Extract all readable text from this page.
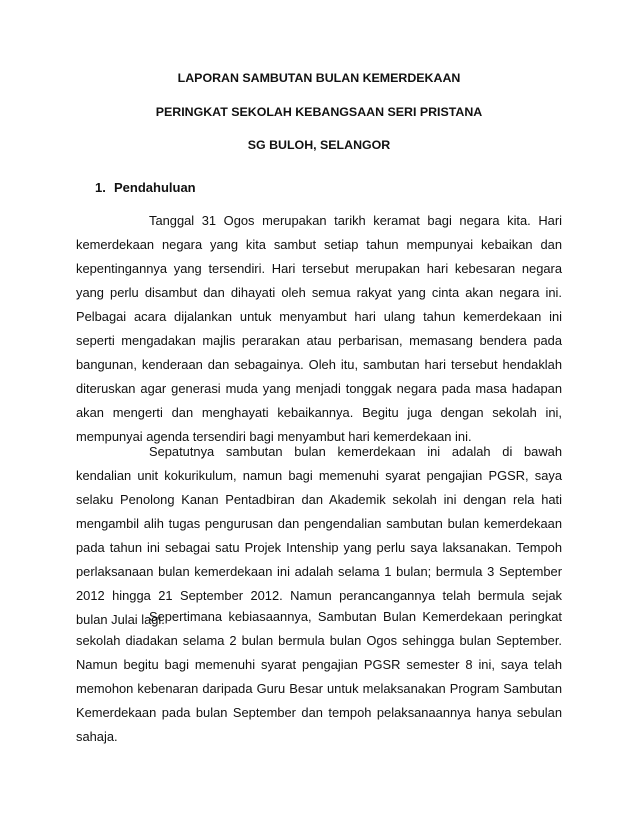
LAPORAN SAMBUTAN BULAN KEMERDEKAAN
PERINGKAT SEKOLAH KEBANGSAAN SERI PRISTANA
SG BULOH, SELANGOR
1. Pendahuluan

Tanggal 31 Ogos merupakan tarikh keramat bagi negara kita. Hari kemerdekaan negara yang kita sambut setiap tahun mempunyai kebaikan dan kepentingannya yang tersendiri. Hari tersebut merupakan hari kebesaran negara yang perlu disambut dan dihayati oleh semua rakyat yang cinta akan negara ini. Pelbagai acara dijalankan untuk menyambut hari ulang tahun kemerdekaan ini seperti mengadakan majlis perarakan atau perbarisan, memasang bendera pada bangunan, kenderaan dan sebagainya. Oleh itu, sambutan hari tersebut hendaklah diteruskan agar generasi muda yang menjadi tonggak negara pada masa hadapan akan mengerti dan menghayati kebaikannya. Begitu juga dengan sekolah ini, mempunyai agenda tersendiri bagi menyambut hari kemerdekaan ini.

Sepatutnya sambutan bulan kemerdekaan ini adalah di bawah kendalian unit kokurikulum, namun bagi memenuhi syarat pengajian PGSR, saya selaku Penolong Kanan Pentadbiran dan Akademik sekolah ini dengan rela hati mengambil alih tugas pengurusan dan pengendalian sambutan bulan kemerdekaan pada tahun ini sebagai satu Projek Intenship yang perlu saya laksanakan. Tempoh perlaksanaan bulan kemerdekaan ini adalah selama 1 bulan; bermula 3 September 2012 hingga 21 September 2012. Namun perancangannya telah bermula sejak bulan Julai lagi.

Sepertimana kebiasaannya, Sambutan Bulan Kemerdekaan peringkat sekolah diadakan selama 2 bulan bermula bulan Ogos sehingga bulan September. Namun begitu bagi memenuhi syarat pengajian PGSR semester 8 ini, saya telah memohon kebenaran daripada Guru Besar untuk melaksanakan Program Sambutan Kemerdekaan pada bulan September dan tempoh pelaksanaannya hanya sebulan sahaja.
